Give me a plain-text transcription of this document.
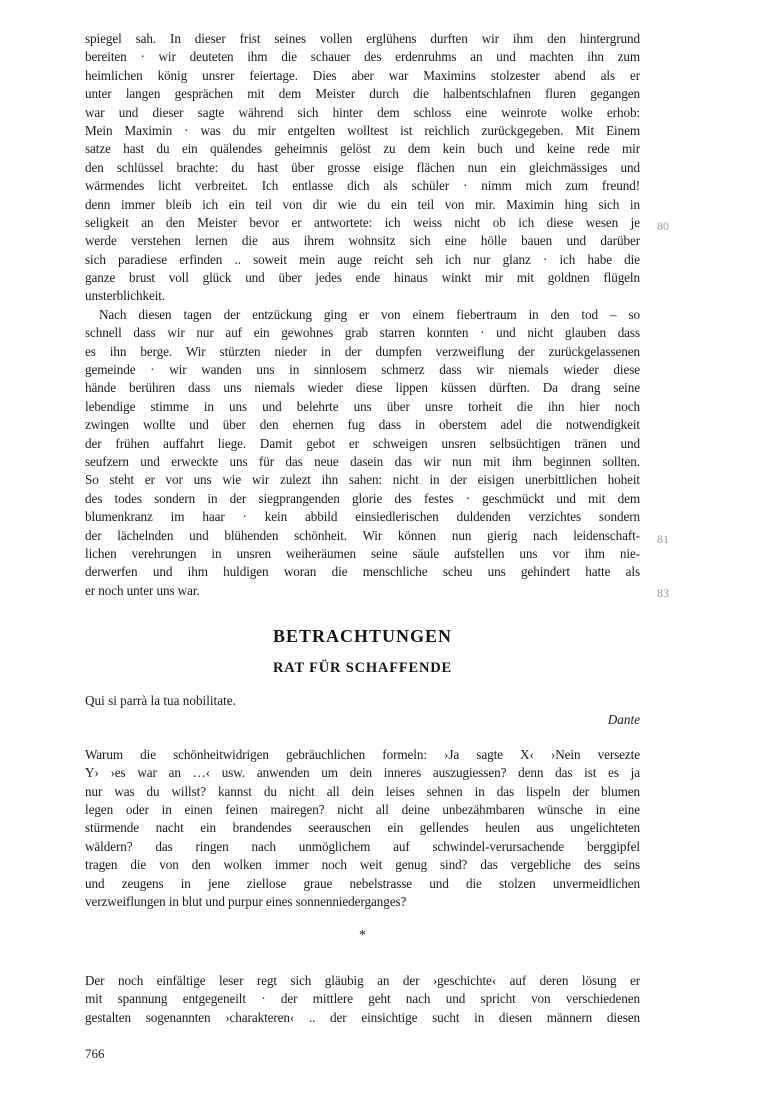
spiegel sah. In dieser frist seines vollen erglühens durften wir ihm den hintergrund
bereiten · wir deuteten ihm die schauer des erdenruhms an und machten ihn zum
heimlichen könig unsrer feiertage. Dies aber war Maximins stolzester abend als er
unter langen gesprächen mit dem Meister durch die halbentschlafnen fluren gegangen
war und dieser sagte während sich hinter dem schloss eine weinrote wolke erhob:
Mein Maximin · was du mir entgelten wolltest ist reichlich zurückgegeben. Mit Einem
satze hast du ein quälendes geheimnis gelöst zu dem kein buch und keine rede mir
den schlüssel brachte: du hast über grosse eisige flächen nun ein gleichmässiges und
wärmendes licht verbreitet. Ich entlasse dich als schüler · nimm mich zum freund!
denn immer bleib ich ein teil von dir wie du ein teil von mir. Maximin hing sich in
seligkeit an den Meister bevor er antwortete: ich weiss nicht ob ich diese wesen je
werde verstehen lernen die aus ihrem wohnsitz sich eine hölle bauen und darüber
sich paradiese erfinden .. soweit mein auge reicht seh ich nur glanz · ich habe die
ganze brust voll glück und über jedes ende hinaus winkt mir mit goldnen flügeln
unsterblichkeit.
Nach diesen tagen der entzückung ging er von einem fiebertraum in den tod – so
schnell dass wir nur auf ein gewohnes grab starren konnten · und nicht glauben dass
es ihn berge. Wir stürzten nieder in der dumpfen verzweiflung der zurückgelassenen
gemeinde · wir wanden uns in sinnlosem schmerz dass wir niemals wieder diese
hände berühren dass uns niemals wieder diese lippen küssen dürften. Da drang seine
lebendige stimme in uns und belehrte uns über unsre torheit die ihn hier noch
zwingen wollte und über den ehernen fug dass in oberstem adel die notwendigkeit
der frühen auffahrt liege. Damit gebot er schweigen unsren selbsüchtigen tränen und
seufzern und erweckte uns für das neue dasein das wir nun mit ihm beginnen sollten.
So steht er vor uns wie wir zulezt ihn sahen: nicht in der eisigen unerbittlichen hoheit
des todes sondern in der siegprangenden glorie des festes · geschmückt und mit dem
blumenkranz im haar · kein abbild einsiedlerischen duldenden verzichtes sondern
der lächelnden und blühenden schönheit. Wir können nun gierig nach leidenschaft-
lichen verehrungen in unsren weiheräumen seine säule aufstellen uns vor ihm nie-
derwerfen und ihm huldigen woran die menschliche scheu uns gehindert hatte als
er noch unter uns war.
BETRACHTUNGEN
RAT FÜR SCHAFFENDE
Qui si parrà la tua nobilitate.
Dante
Warum die schönheitwidrigen gebräuchlichen formeln: ›Ja sagte X‹ ›Nein versezte
Y› ›es war an …‹ usw. anwenden um dein inneres auszugiessen? denn das ist es ja
nur was du willst? kannst du nicht all dein leises sehnen in das lispeln der blumen
legen oder in einen feinen mairegen? nicht all deine unbezähmbaren wünsche in eine
stürmende nacht ein brandendes seerauschen ein gellendes heulen aus ungelichteten
wäldern? das ringen nach unmöglichem auf schwindel-verursachende berggipfel
tragen die von den wolken immer noch weit genug sind? das vergebliche des seins
und zeugens in jene ziellose graue nebelstrasse und die stolzen unvermeidlichen
verzweiflungen in blut und purpur eines sonnenniederganges?
*
Der noch einfältige leser regt sich gläubig an der ›geschichte‹ auf deren lösung er
mit spannung entgegeneilt · der mittlere geht nach und spricht von verschiedenen
gestalten sogenannten ›charakteren‹ .. der einsichtige sucht in diesen männern diesen
80
81
83
766
